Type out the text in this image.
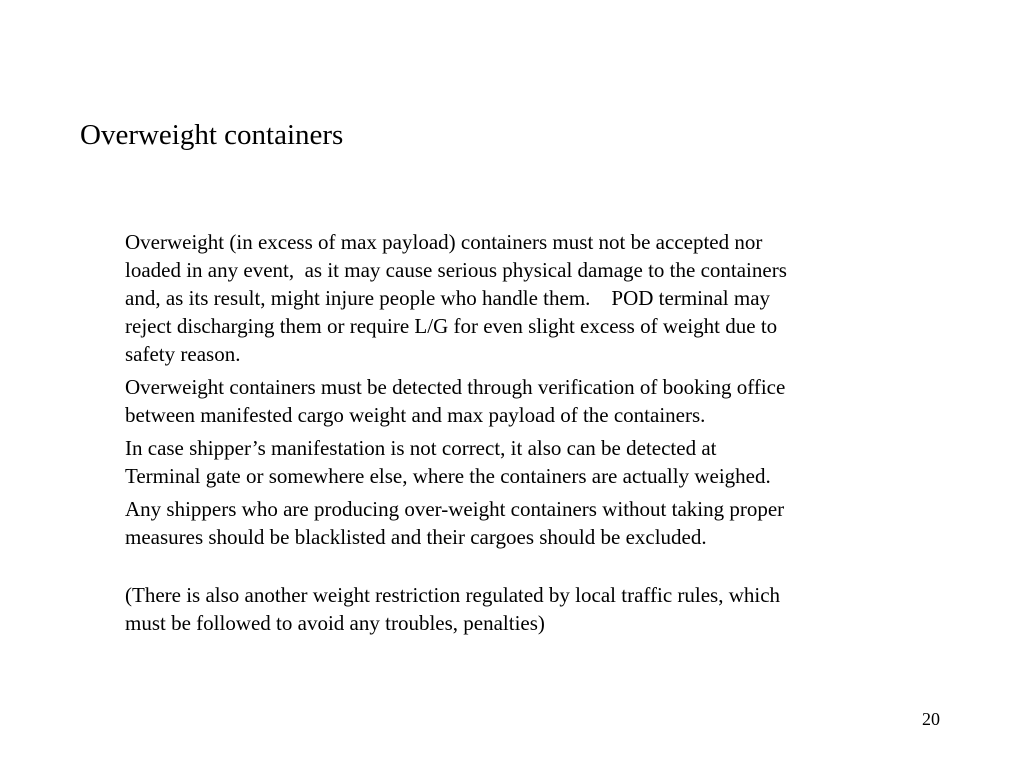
Overweight containers

Overweight (in excess of max payload) containers must not be accepted nor
loaded in any event,  as it may cause serious physical damage to the containers
and, as its result, might injure people who handle them.    POD terminal may
reject discharging them or require L/G for even slight excess of weight due to
safety reason.

Overweight containers must be detected through verification of booking office
between manifested cargo weight and max payload of the containers.

In case shipper’s manifestation is not correct, it also can be detected at
Terminal gate or somewhere else, where the containers are actually weighed.

Any shippers who are producing over-weight containers without taking proper
measures should be blacklisted and their cargoes should be excluded.

(There is also another weight restriction regulated by local traffic rules, which
must be followed to avoid any troubles, penalties)

20
